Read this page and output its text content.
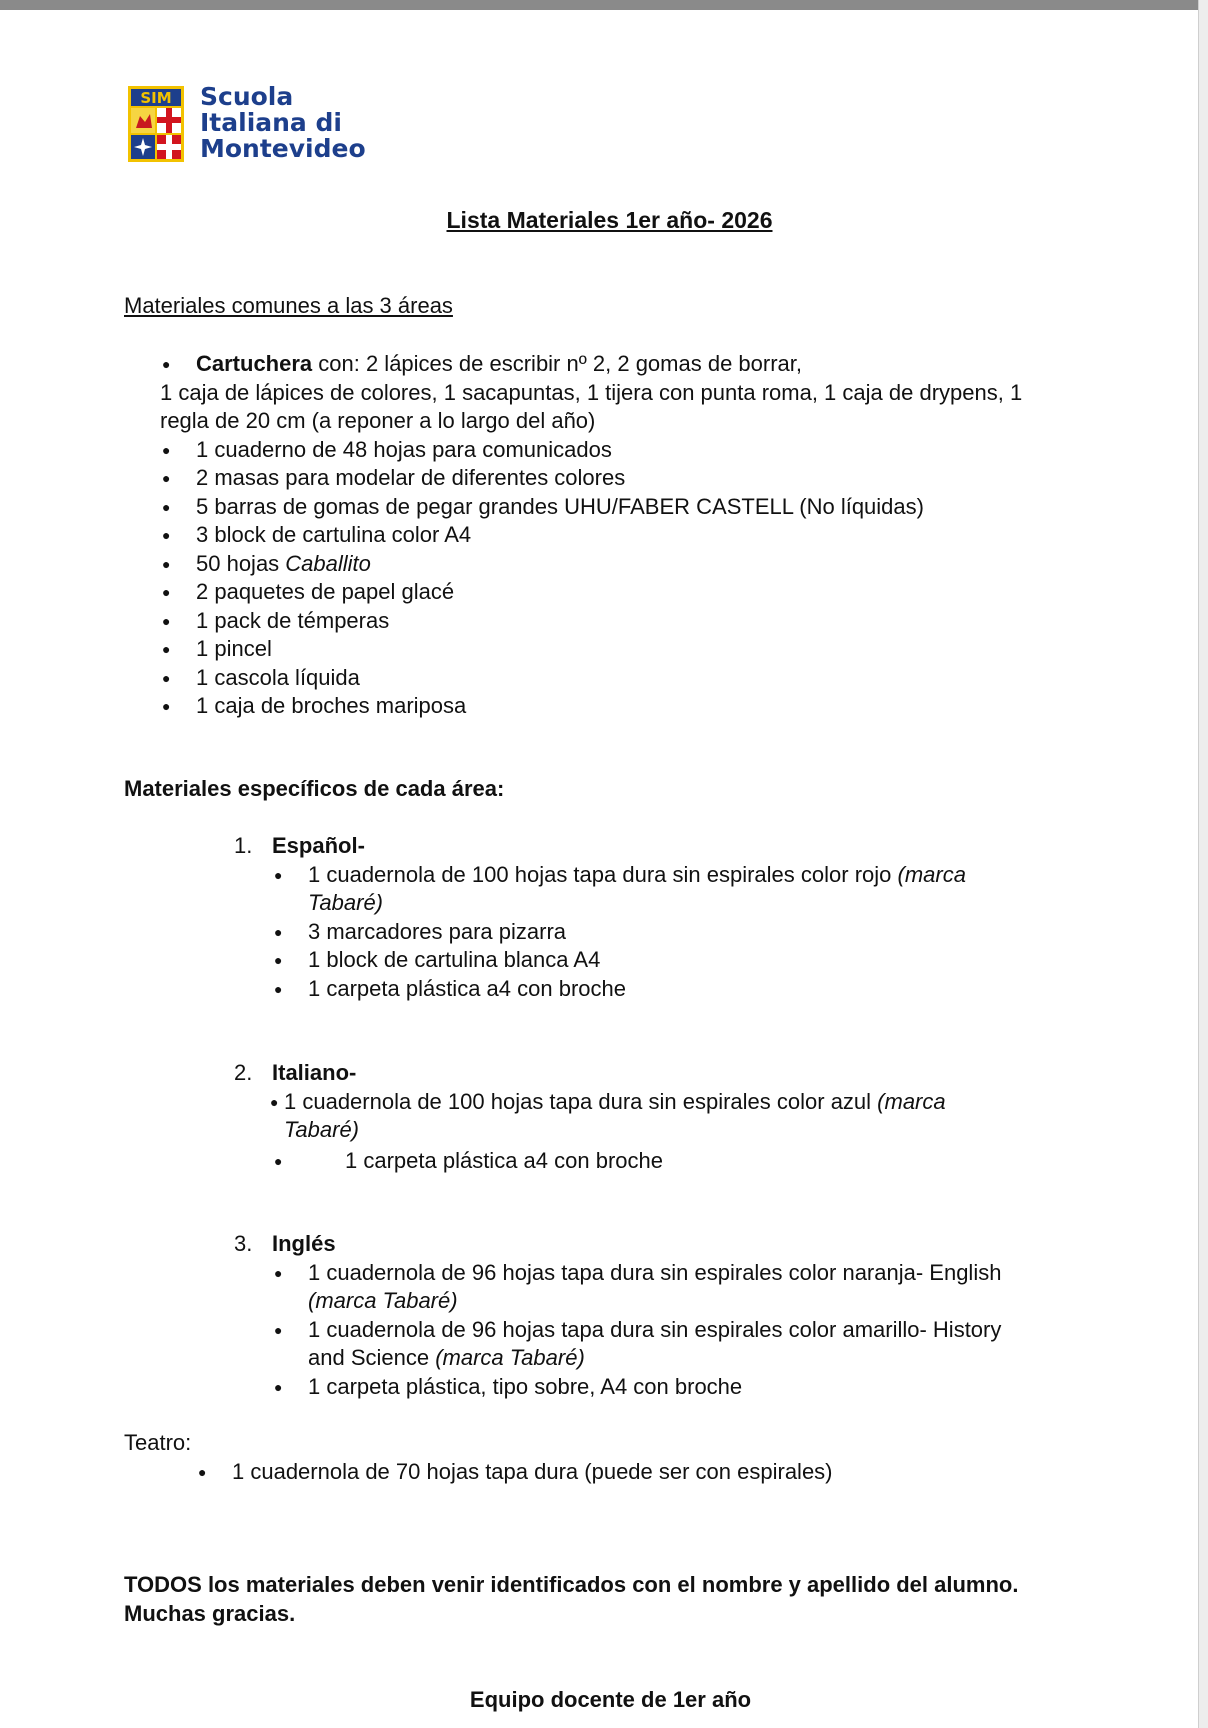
SIM Scuola
Italiana di
Montevideo
Lista Materiales 1er año- 2026
Materiales comunes a las 3 áreas
● Cartuchera con: 2 lápices de escribir nº 2, 2 gomas de borrar,
1 caja de lápices de colores, 1 sacapuntas, 1 tijera con punta roma, 1 caja de drypens, 1
regla de 20 cm (a reponer a lo largo del año)
● 1 cuaderno de 48 hojas para comunicados
● 2 masas para modelar de diferentes colores
● 5 barras de gomas de pegar grandes UHU/FABER CASTELL (No líquidas)
● 3 block de cartulina color A4
● 50 hojas Caballito
● 2 paquetes de papel glacé
● 1 pack de témperas
● 1 pincel
● 1 cascola líquida
● 1 caja de broches mariposa
Materiales específicos de cada área:
1. Español-
● 1 cuadernola de 100 hojas tapa dura sin espirales color rojo (marca Tabaré)
● 3 marcadores para pizarra
● 1 block de cartulina blanca A4
● 1 carpeta plástica a4 con broche
2. Italiano-
● 1 cuadernola de 100 hojas tapa dura sin espirales color azul (marca
Tabaré)
●	1 carpeta plástica a4 con broche
3. Inglés
● 1 cuadernola de 96 hojas tapa dura sin espirales color naranja- English
(marca Tabaré)
● 1 cuadernola de 96 hojas tapa dura sin espirales color amarillo- History and Science (marca Tabaré)
● 1 carpeta plástica, tipo sobre, A4 con broche
Teatro:
● 1 cuadernola de 70 hojas tapa dura (puede ser con espirales)
TODOS los materiales deben venir identificados con el nombre y apellido del alumno.
Muchas gracias.
Equipo docente de 1er año
